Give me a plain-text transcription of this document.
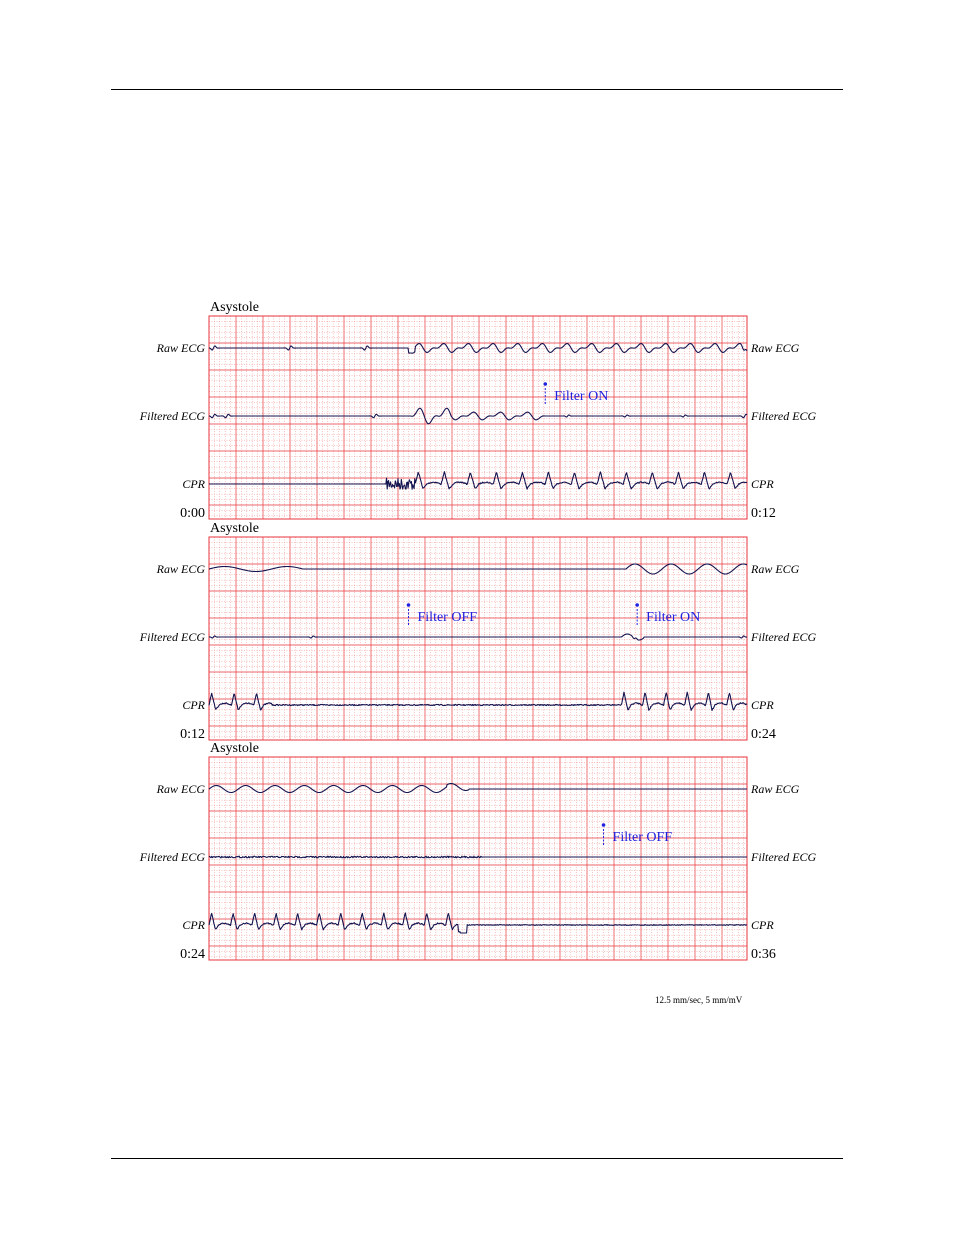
Asystole
0:00	0:12
Raw ECG	Raw ECG
Filtered ECG	Filtered ECG
CPR	CPR
Filter ON
Asystole
0:12	0:24
Raw ECG	Raw ECG
Filtered ECG	Filtered ECG
CPR	CPR
Filter OFF	Filter ON
Asystole
0:24	0:36
Raw ECG	Raw ECG
Filtered ECG	Filtered ECG
CPR	CPR
Filter OFF
12.5 mm/sec, 5 mm/mV
